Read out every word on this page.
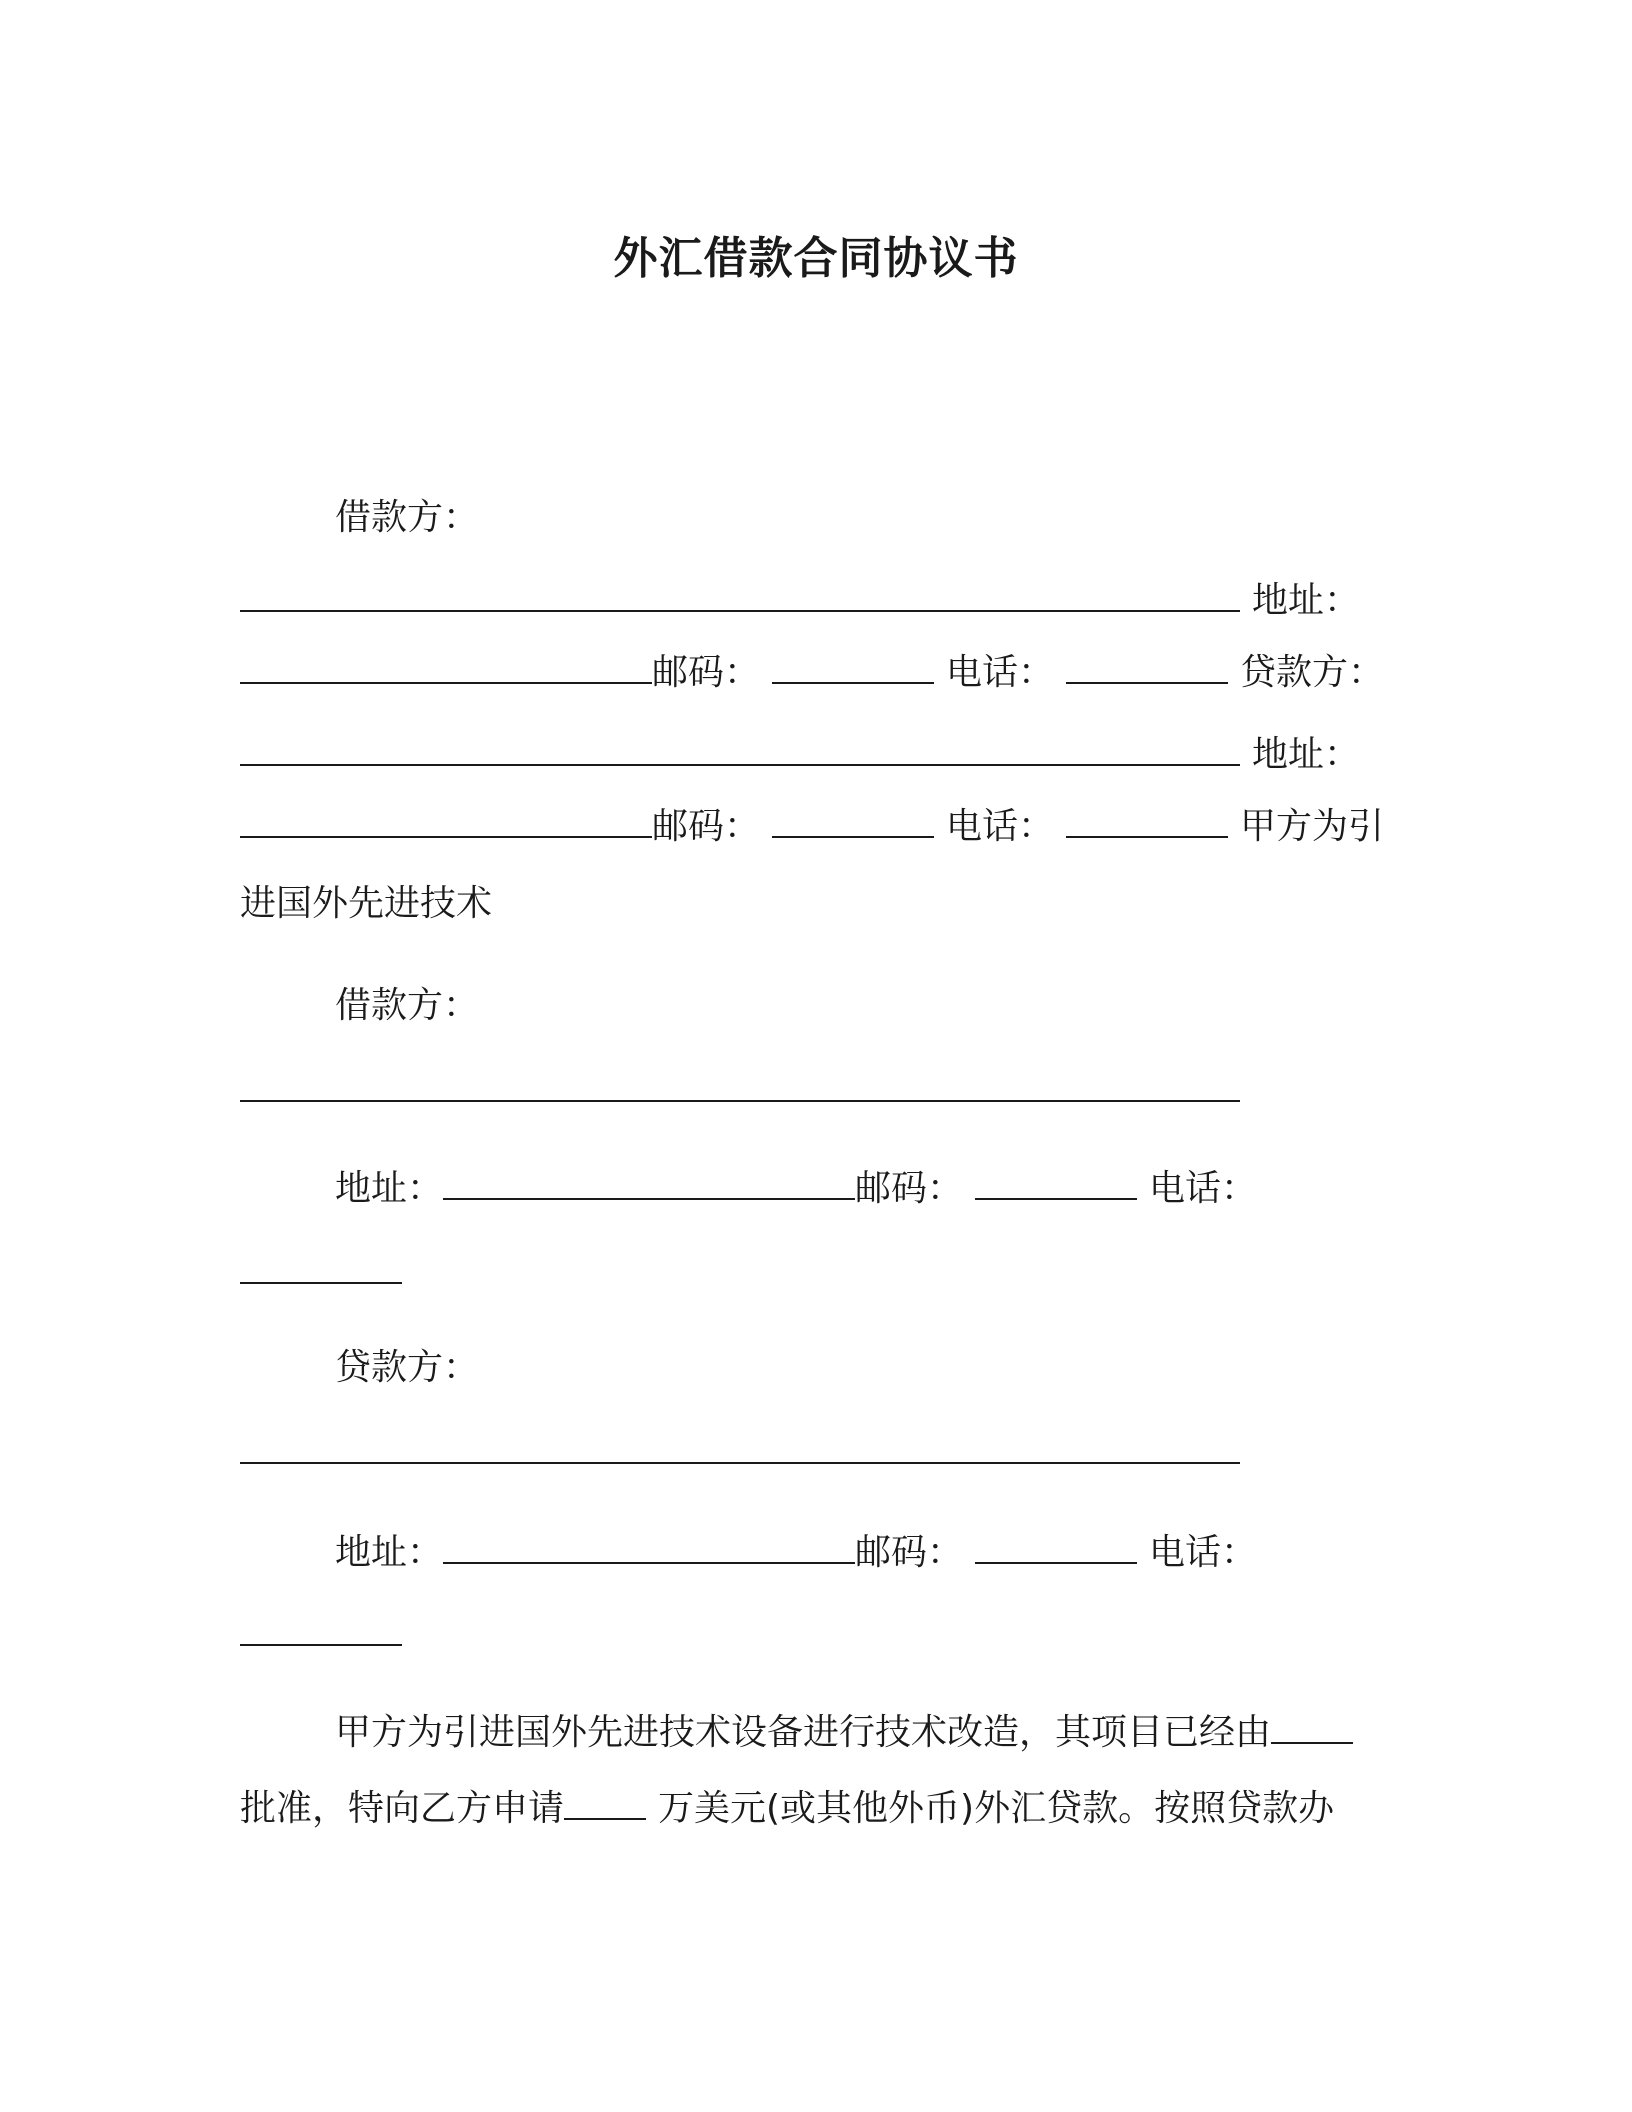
外汇借款合同协议书
借款方：
地址：
邮码：	电话：	贷款方：
地址：
邮码：	电话：	甲方为引
进国外先进技术
借款方：
地址：	邮码：	电话：
贷款方：
地址：	邮码：	电话：
甲方为引进国外先进技术设备进行技术改造，其项目已经由
批准，特向乙方申请	万美元(或其他外币)外汇贷款。按照贷款办
